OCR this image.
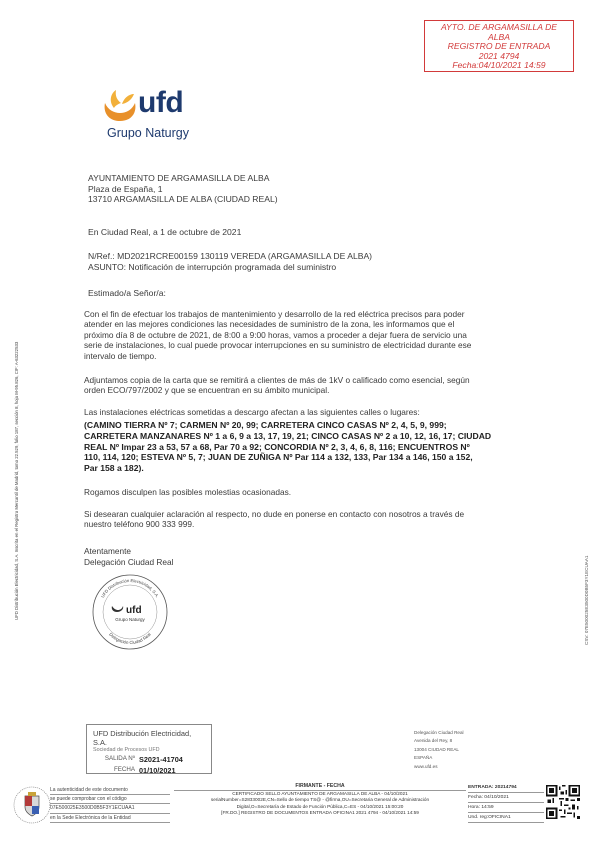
AYTO. DE ARGAMASILLA DE
ALBA
REGISTRO DE ENTRADA
2021 4794
Fecha:04/10/2021 14:59
ufd
Grupo Naturgy
AYUNTAMIENTO DE ARGAMASILLA DE ALBA
Plaza de España, 1
13710 ARGAMASILLA DE ALBA (CIUDAD REAL)
En Ciudad Real, a 1 de octubre de 2021
N/Ref.: MD2021RCRE00159 130119 VEREDA (ARGAMASILLA DE ALBA)
ASUNTO: Notificación de interrupción programada del suministro
Estimado/a Señor/a:
Con el fin de efectuar los trabajos de mantenimiento y desarrollo de la red eléctrica precisos para poder
atender en las mejores condiciones las necesidades de suministro de la zona, les informamos que el
próximo día 8 de octubre de 2021, de 8:00 a 9:00 horas, vamos a proceder a dejar fuera de servicio una
serie de instalaciones, lo cual puede provocar interrupciones en su suministro de electricidad durante ese
intervalo de tiempo.
Adjuntamos copia de la carta que se remitirá a clientes de más de 1kV o calificado como esencial, según
orden ECO/797/2002 y que se encuentran en su ámbito municipal.
Las instalaciones eléctricas sometidas a descargo afectan a las siguientes calles o lugares:
(CAMINO TIERRA Nº 7; CARMEN Nº 20, 99; CARRETERA CINCO CASAS Nº 2, 4, 5, 9, 999;
CARRETERA MANZANARES Nº 1 a 6, 9 a 13, 17, 19, 21; CINCO CASAS Nº 2 a 10, 12, 16, 17; CIUDAD
REAL Nº Impar 23 a 53, 57 a 68, Par 70 a 92; CONCORDIA Nº 2, 3, 4, 6, 8, 116; ENCUENTROS Nº
110, 114, 120; ESTEVA Nº 5, 7; JUAN DE ZUÑIGA Nº Par 114 a 132, 133, Par 134 a 146, 150 a 152,
Par 158 a 182).
Rogamos disculpen las posibles molestias ocasionadas.
Si desearan cualquier aclaración al respecto, no dude en ponerse en contacto con nosotros a través de
nuestro teléfono 900 333 999.
Atentamente
Delegación Ciudad Real
UFD Distribución Electricidad, S.A.
ufd
Grupo Naturgy
Delegación Ciudad Real
UFD Distribución Electricidad, S.A. Inscrita en el Registro Mercantil de Madrid, tomo 22.529, folio 187, sección 8, hoja M-95.826, CIF: A-63222533	CSV: 07E500025E3500D0B5F3Y1ECUAA1
UFD Distribución Electricidad, S.A.
Sociedad de Procesos UFD
SALIDA Nº S2021-41704
FECHA 01/10/2021
Delegación Ciudad Real
Avenida del Rey, 8
13004 CIUDAD REAL
ESPAÑA
www.ufd.es
La autenticidad de este documento
se puede comprobar con el código
07E500025E3500D0B5F3Y1ECUAA1
en la Sede Electrónica de la Entidad
FIRMANTE - FECHA
CERTIFICADO SELLO AYUNTAMIENTO DE ARGAMASILLA DE ALBA - 04/10/2021
serialNumber=S2833002E,CN=Sello de tiempo TS@ - @firma,OU=Secretaria General de Administración
Digital,O=Secretaría de Estado de Función Pública,C=ES - 04/10/2021 15:00:20
[FR.DO.] REGISTRO DE DOCUMENTOS ENTRADA OFICINA1 2021 4794 - 04/10/2021 14:59
ENTRADA: 20214794
Fecha: 04/10/2021
Hora: 14:59
Und. reg:OFICINA1
